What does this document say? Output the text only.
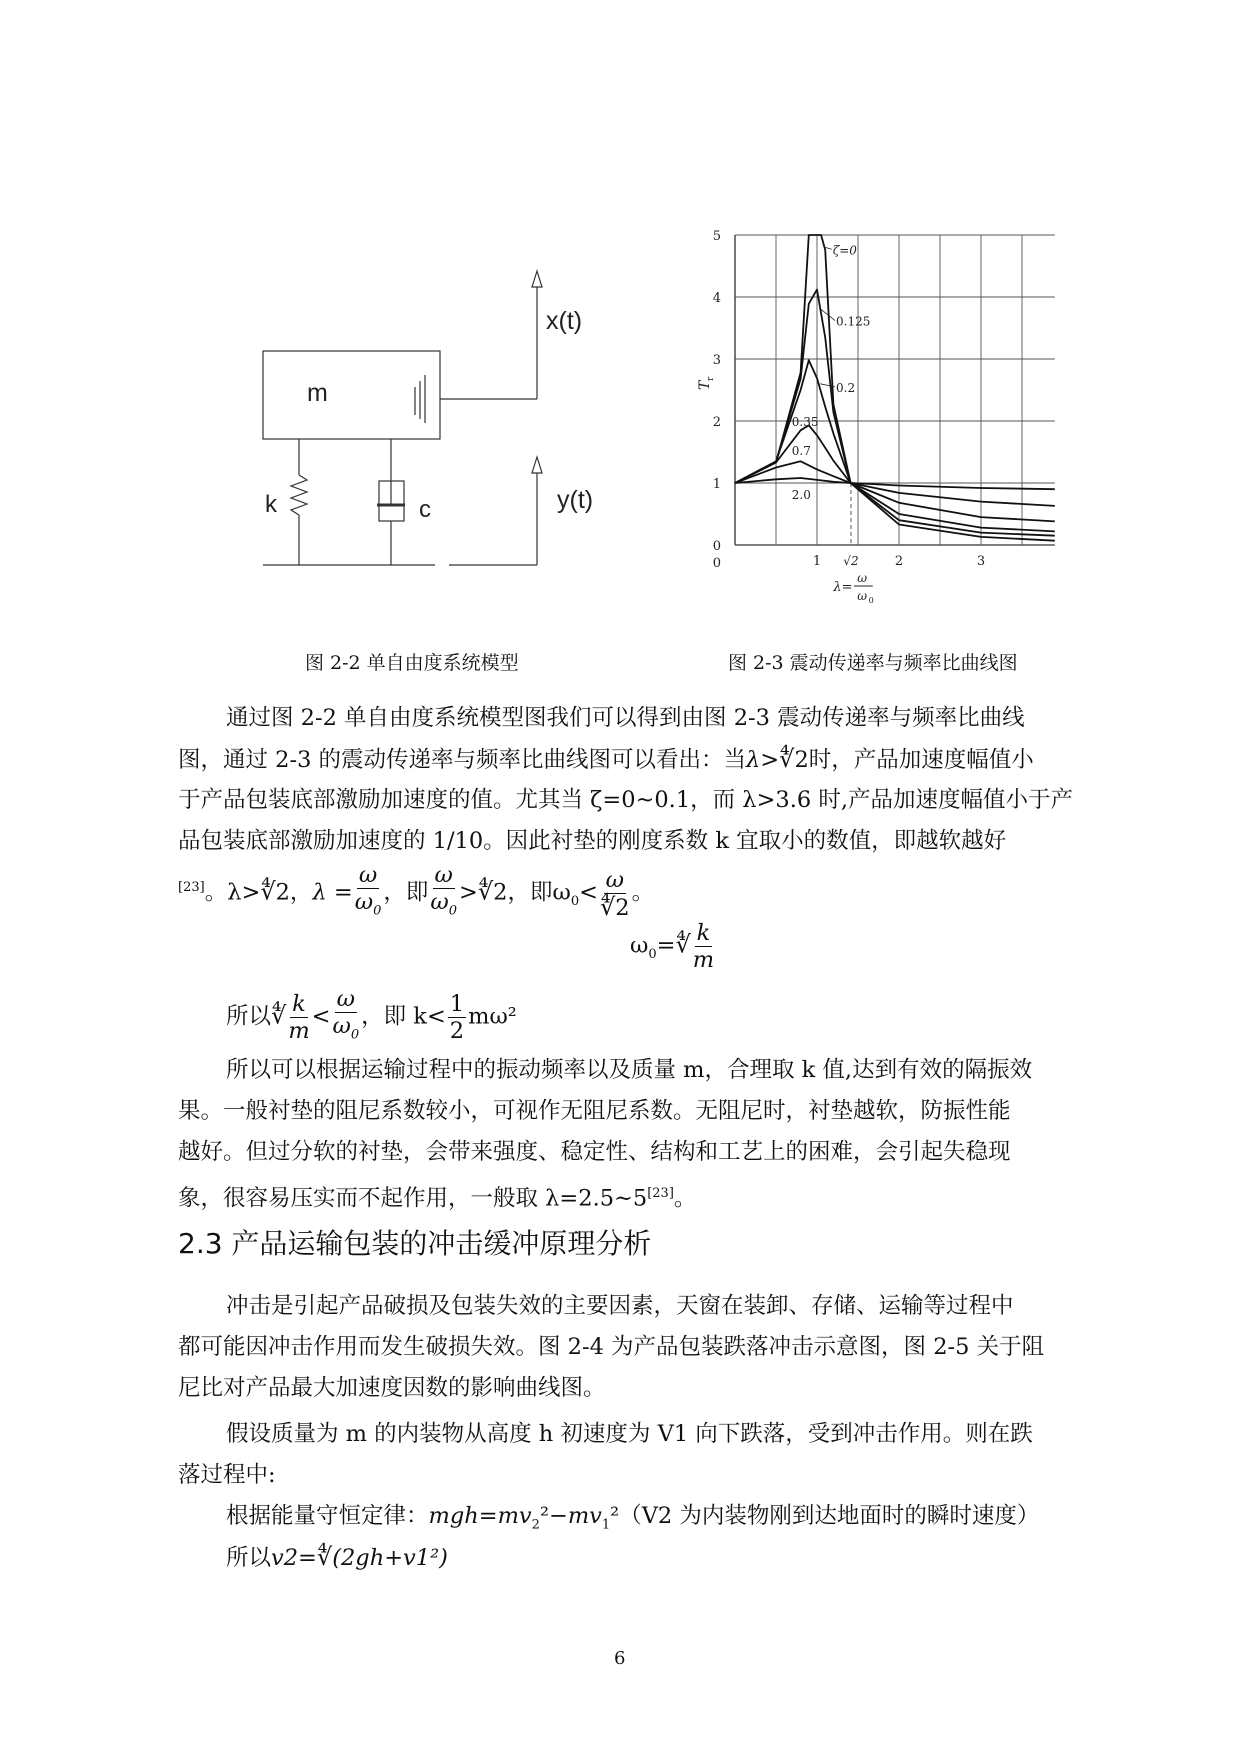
m
k	c
x(t)
y(t)
0
1
2
3
4
5
1	2	3
0	√2
T
r
λ=
ω
ω 0
ζ=0
0.125
0.2
0.35
0.7
2.0
图 2-2 单自由度系统模型	图 2-3 震动传递率与频率比曲线图
通过图 2-2 单自由度系统模型图我们可以得到由图 2-3 震动传递率与频率比曲线
图，通过 2-3 的震动传递率与频率比曲线图可以看出：当λ>∜2时，产品加速度幅值小
于产品包装底部激励加速度的值。尤其当 ζ=0~0.1，而 λ>3.6 时,产品加速度幅值小于产
品包装底部激励加速度的 1/10。因此衬垫的刚度系数 k 宜取小的数值，即越软越好
[23]。λ>∜2，$\lambda = \frac{\omega}{\omega_0}$ ，即 $\frac{\omega}{\omega_0}$ >∜2，即$\omega_0< \frac{\omega}{∜2}$ 。
$\omega_0=∜ \frac{k}{m}$
所以∜ $\frac{k}{m} < \frac{\omega}{\omega_0}$ ，即 $k< \frac{1}{2} m\omega^2$
所以可以根据运输过程中的振动频率以及质量 m，合理取 k 值,达到有效的隔振效
果。一般衬垫的阻尼系数较小，可视作无阻尼系数。无阻尼时，衬垫越软，防振性能
越好。但过分软的衬垫，会带来强度、稳定性、结构和工艺上的困难，会引起失稳现
象，很容易压实而不起作用，一般取 λ=2.5~5[23]。
2.3 产品运输包装的冲击缓冲原理分析
冲击是引起产品破损及包装失效的主要因素，天窗在装卸、存储、运输等过程中
都可能因冲击作用而发生破损失效。图 2-4 为产品包装跌落冲击示意图，图 2-5 关于阻
尼比对产品最大加速度因数的影响曲线图。
假设质量为 m 的内装物从高度 h 初速度为 V1 向下跌落，受到冲击作用。则在跌
落过程中:
根据能量守恒定律：$mgh=mv_2^2-mv_1^2(V2$ 为内装物刚到达地面时的瞬时速度）
所以v2=∜(2gh+v1²)
6
